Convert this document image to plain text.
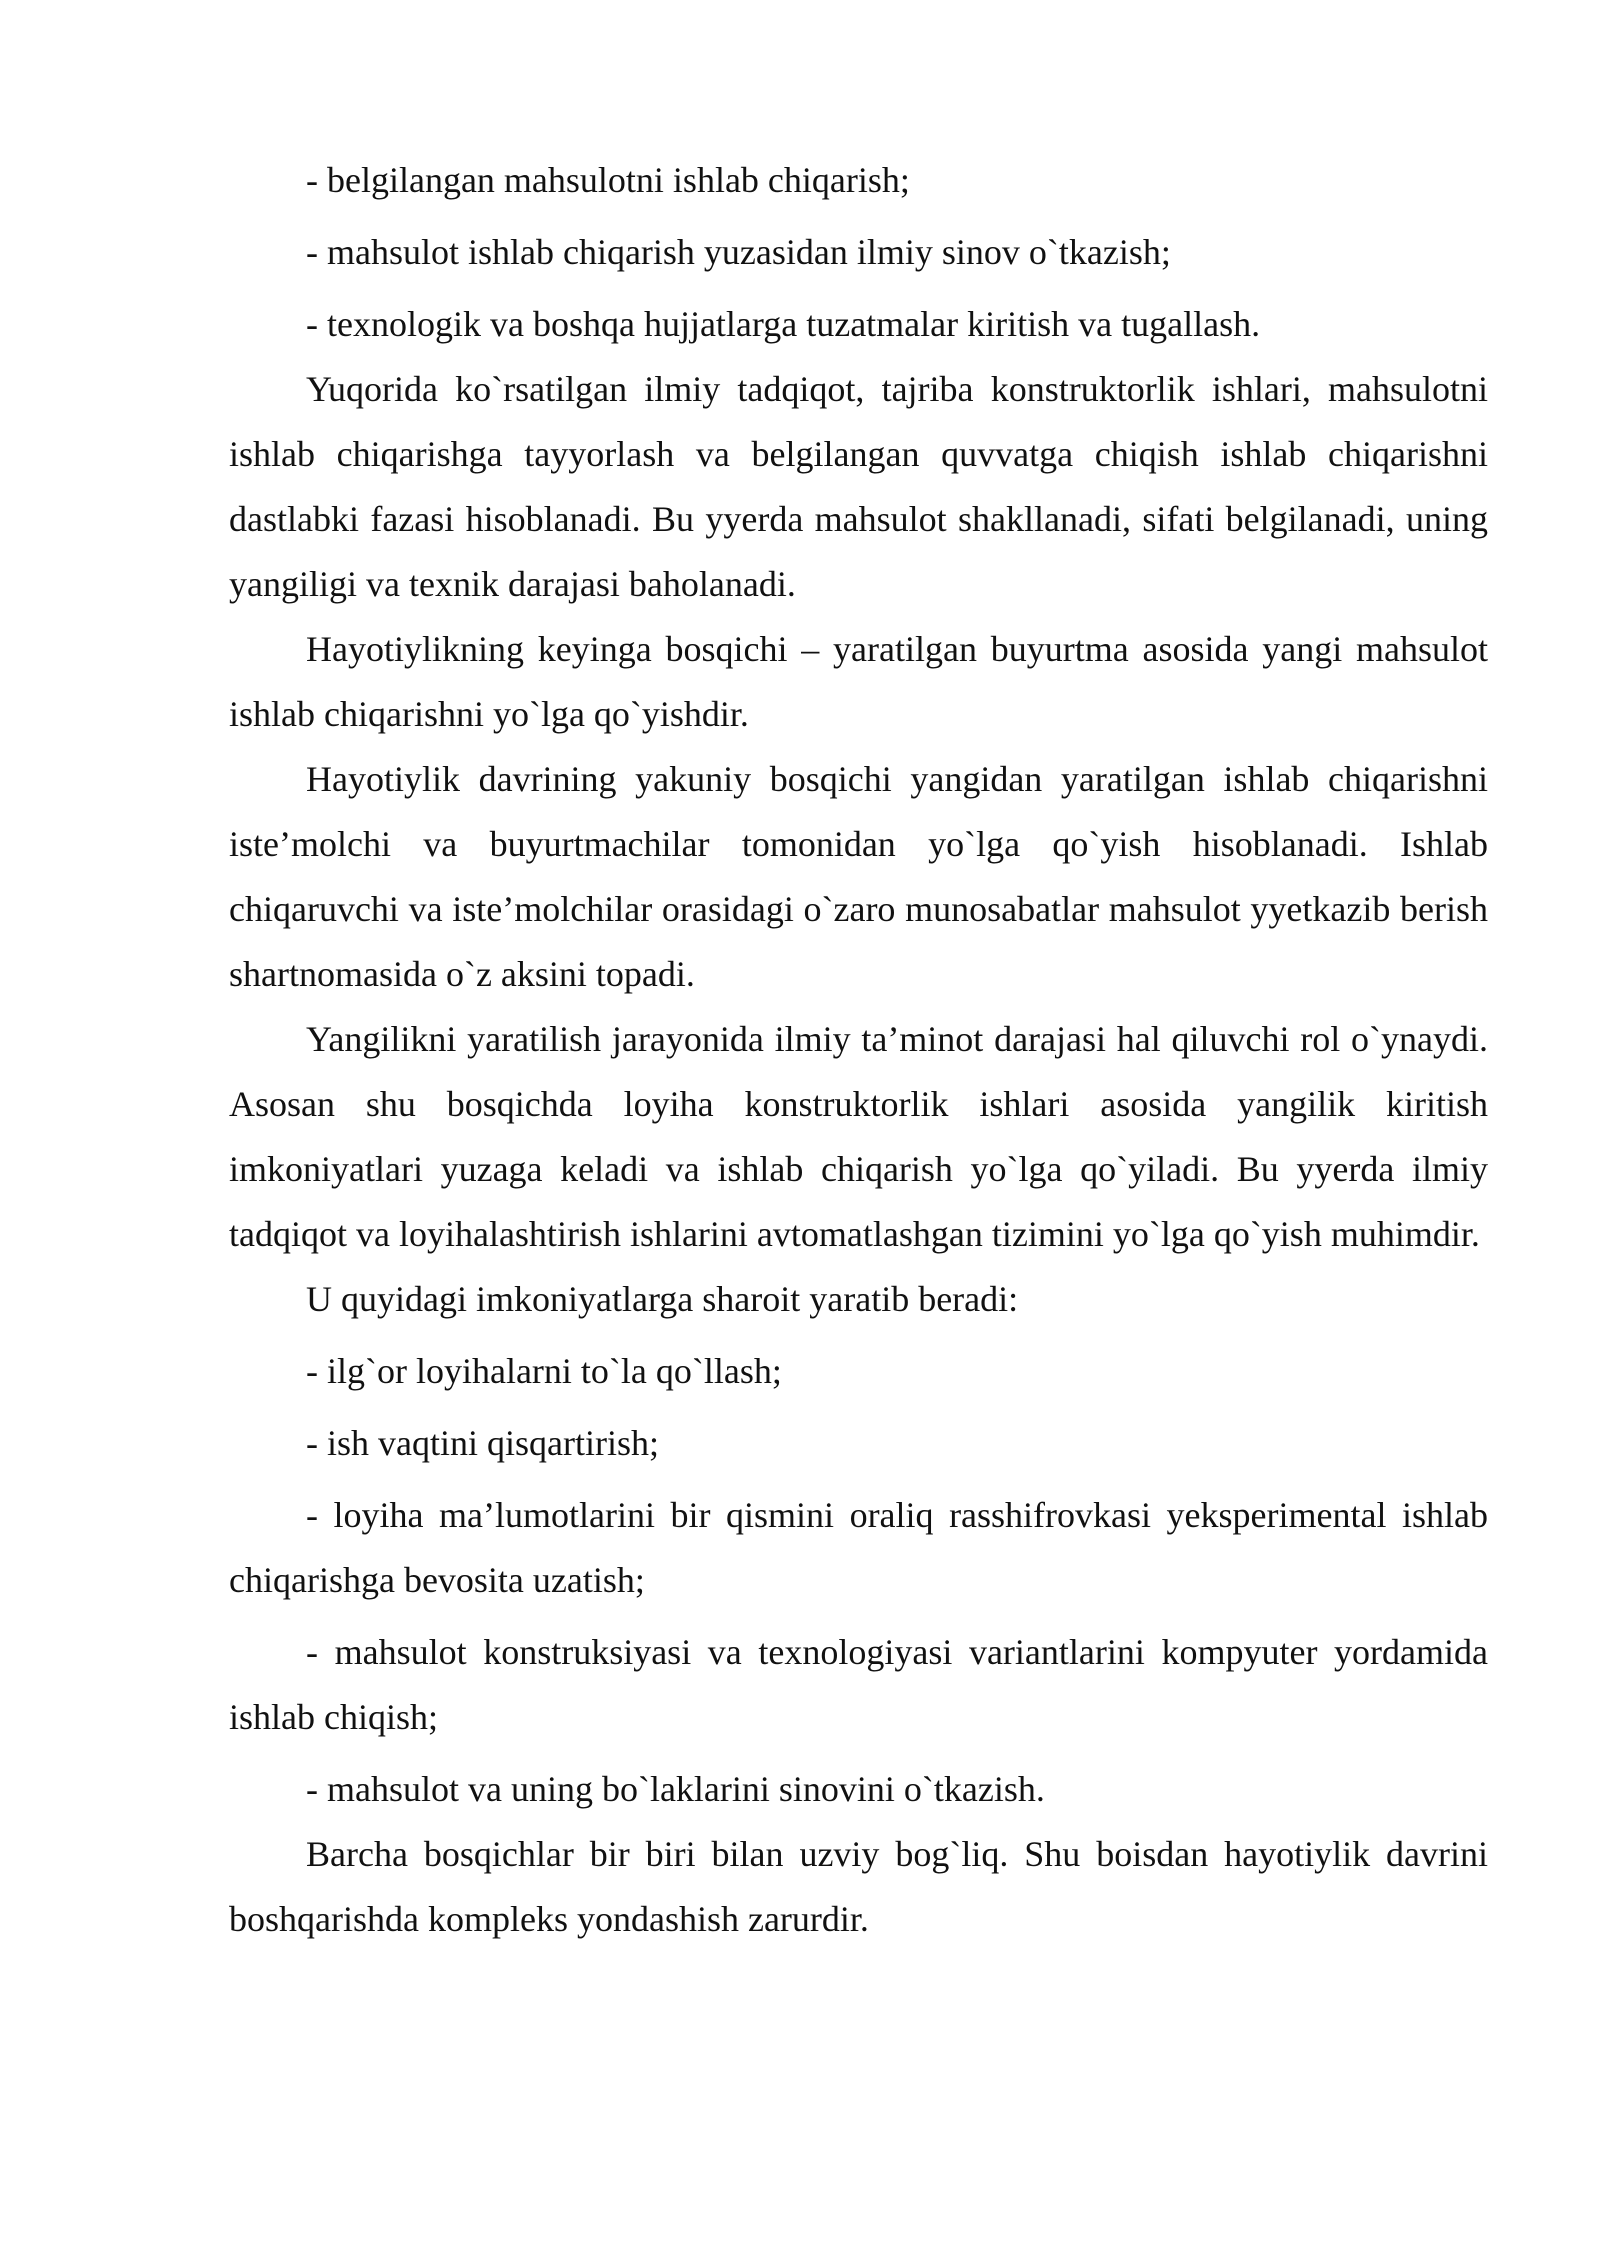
- belgilangan mahsulotni ishlab chiqarish;

- mahsulot ishlab chiqarish yuzasidan ilmiy sinov o`tkazish;

- texnologik va boshqa hujjatlarga tuzatmalar kiritish va tugallash.

Yuqorida ko`rsatilgan ilmiy tadqiqot, tajriba konstruktorlik ishlari, mahsulotni ishlab chiqarishga tayyorlash va belgilangan quvvatga chiqish ishlab chiqarishni dastlabki fazasi hisoblanadi. Bu yyerda mahsulot shakllanadi, sifati belgilanadi, uning yangiligi va texnik darajasi baholanadi.

Hayotiylikning keyinga bosqichi – yaratilgan buyurtma asosida yangi mahsulot ishlab chiqarishni yo`lga qo`yishdir.

Hayotiylik davrining yakuniy bosqichi yangidan yaratilgan ishlab chiqarishni iste’molchi va buyurtmachilar tomonidan yo`lga qo`yish hisoblanadi. Ishlab chiqaruvchi va iste’molchilar orasidagi o`zaro munosabatlar mahsulot yyetkazib berish shartnomasida o`z aksini topadi.

Yangilikni yaratilish jarayonida ilmiy ta’minot darajasi hal qiluvchi rol o`ynaydi. Asosan shu bosqichda loyiha konstruktorlik ishlari asosida yangilik kiritish imkoniyatlari yuzaga keladi va ishlab chiqarish yo`lga qo`yiladi. Bu yyerda ilmiy tadqiqot va loyihalashtirish ishlarini avtomatlashgan tizimini yo`lga qo`yish muhimdir.

U quyidagi imkoniyatlarga sharoit yaratib beradi:

- ilg`or loyihalarni to`la qo`llash;

- ish vaqtini qisqartirish;

- loyiha ma’lumotlarini bir qismini oraliq rasshifrovkasi yeksperimental ishlab chiqarishga bevosita uzatish;

- mahsulot konstruksiyasi va texnologiyasi variantlarini kompyuter yordamida ishlab chiqish;

- mahsulot va uning bo`laklarini sinovini o`tkazish.

Barcha bosqichlar bir biri bilan uzviy bog`liq. Shu boisdan hayotiylik davrini boshqarishda kompleks yondashish zarurdir.
